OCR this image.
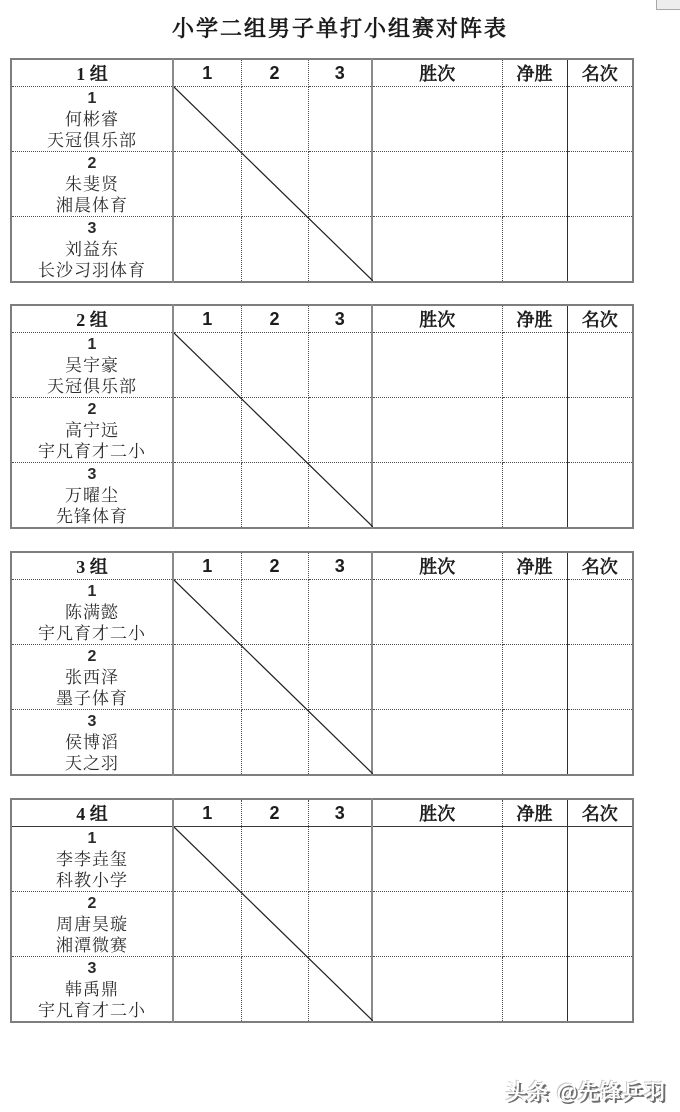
小学二组男子单打小组赛对阵表
1 组	1	2	3	胜次	净胜	名次

1
何彬睿
天冠俱乐部						

2
朱斐贤
湘晨体育						

3
刘益东
长沙习羽体育						

2 组	1	2	3	胜次	净胜	名次

1
吴宇豪
天冠俱乐部						

2
高宁远
宇凡育才二小						

3
万曜尘
先锋体育						

3 组	1	2	3	胜次	净胜	名次

1
陈满懿
宇凡育才二小						

2
张西泽
墨子体育						

3
侯博滔
天之羽						

4 组	1	2	3	胜次	净胜	名次

1
李李垚玺
科教小学						

2
周唐昊璇
湘潭微赛						

3
韩禹鼎
宇凡育才二小						

头条 @先锋乒羽
